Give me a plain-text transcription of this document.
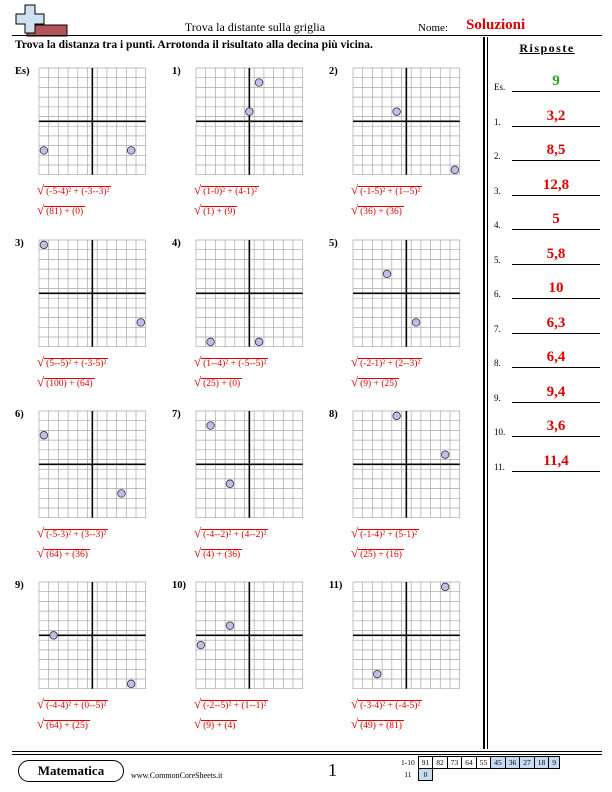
Trova la distante sulla griglia	Nome: Soluzioni
Trova la distanza tra i punti. Arrotonda il risultato alla decina più vicina.	Risposte
Es.	9
1.	3,2
2.	8,5
3.	12,8
4.	5
5.	5,8
6.	10
7.	6,3
8.	6,4
9.	9,4
10.	3,6
11.	11,4
Es)
√ (-5-4)² + (-3--3)²
√ (81) + (0)
1)
√ (1-0)² + (4-1)²
√ (1) + (9)
2)
√ (-1-5)² + (1--5)²
√ (36) + (36)
3)
√ (5--5)² + (-3-5)²
√ (100) + (64)
4)
√ (1--4)² + (-5--5)²
√ (25) + (0)
5)
√ (-2-1)² + (2--3)²
√ (9) + (25)
6)
√ (-5-3)² + (3--3)²
√ (64) + (36)
7)
√ (-4--2)² + (4--2)²
√ (4) + (36)
8)
√ (-1-4)² + (5-1)²
√ (25) + (16)
9)
√ (-4-4)² + (0--5)²
√ (64) + (25)
10)
√ (-2--5)² + (1--1)²
√ (9) + (4)
11)
√ (-3-4)² + (-4-5)²
√ (49) + (81)
Matematica	www.CommonCoreSheets.it	1	1-10	91	82	73	64	55	45	36	27	18	9
11	0									
